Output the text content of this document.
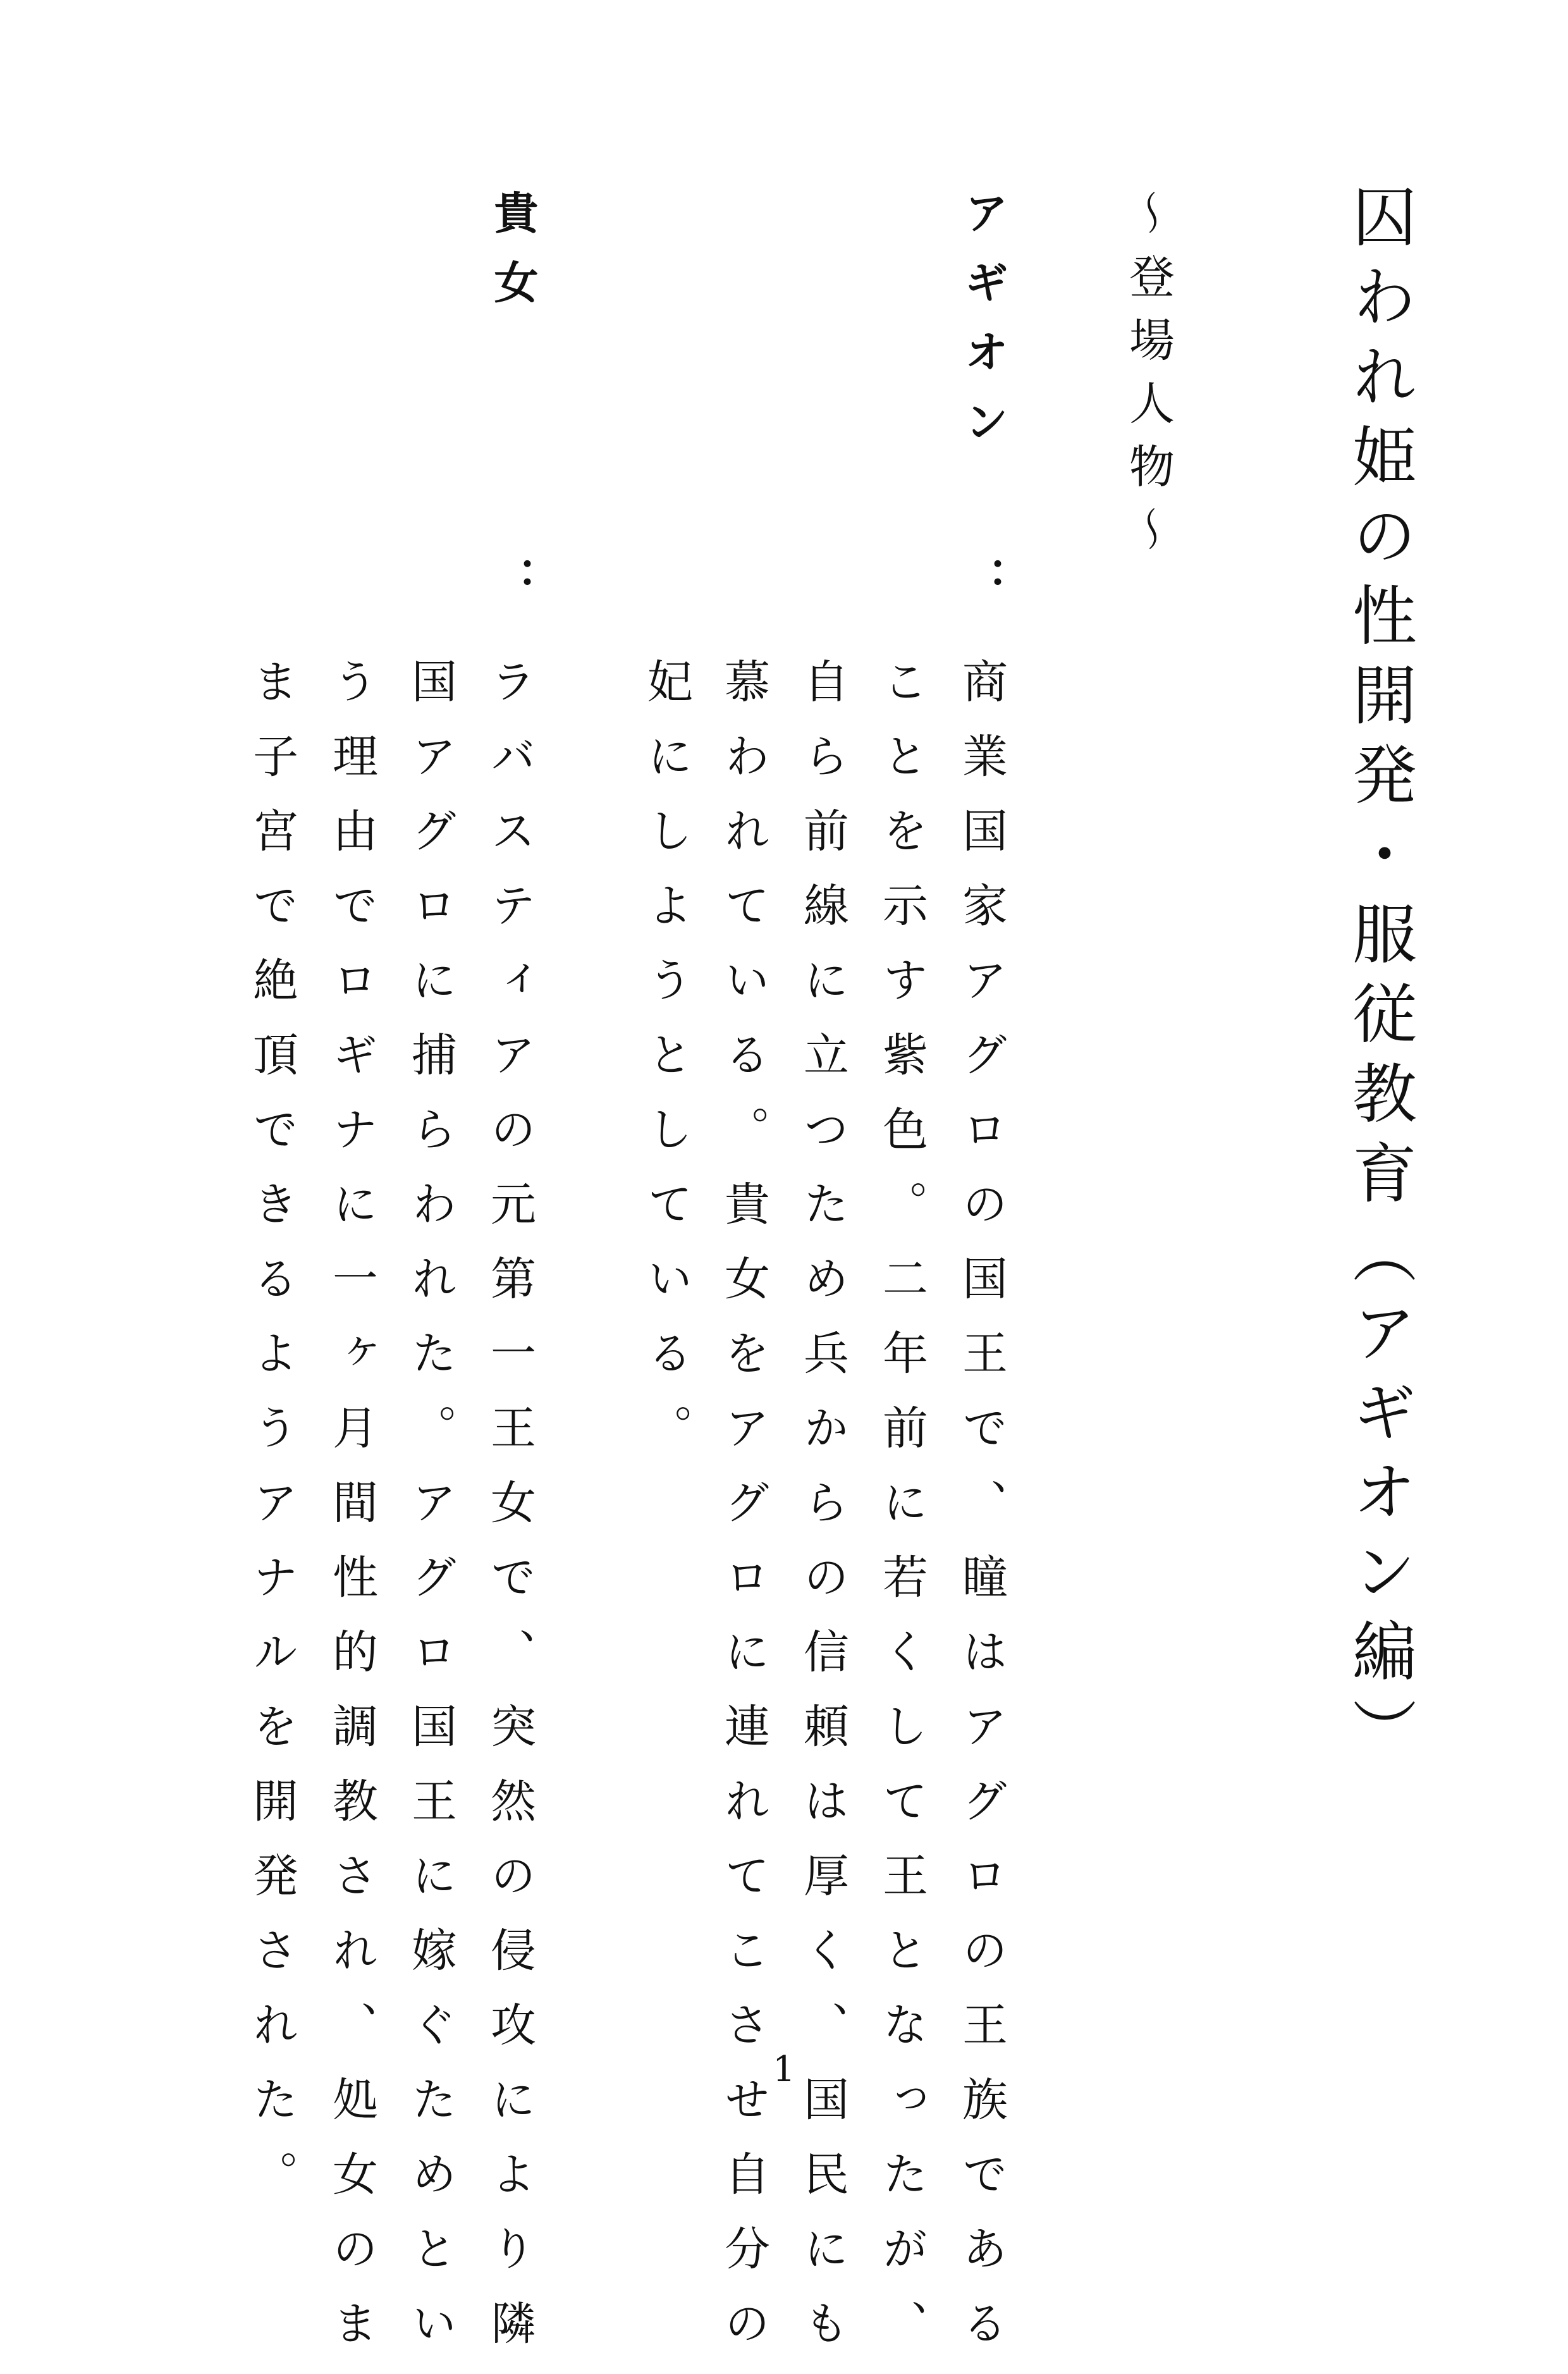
囚われ姫の性開発・服従教育（アギオン編）
～登場人物～
アギオン
：
商業国家アグロの国王で、瞳はアグロの王族である
ことを示す紫色。二年前に若くして王となったが、
自ら前線に立つため兵からの信頼は厚く、国民にも
慕われている。貴女をアグロに連れてこさせ自分の
妃にしようとしている。
貴女
：
ラバスティアの元第一王女で、突然の侵攻により隣
国アグロに捕らわれた。アグロ国王に嫁ぐためとい
う理由でロギナに一ヶ月間性的調教され、処女のま
ま子宮で絶頂できるようアナルを開発された。	1
